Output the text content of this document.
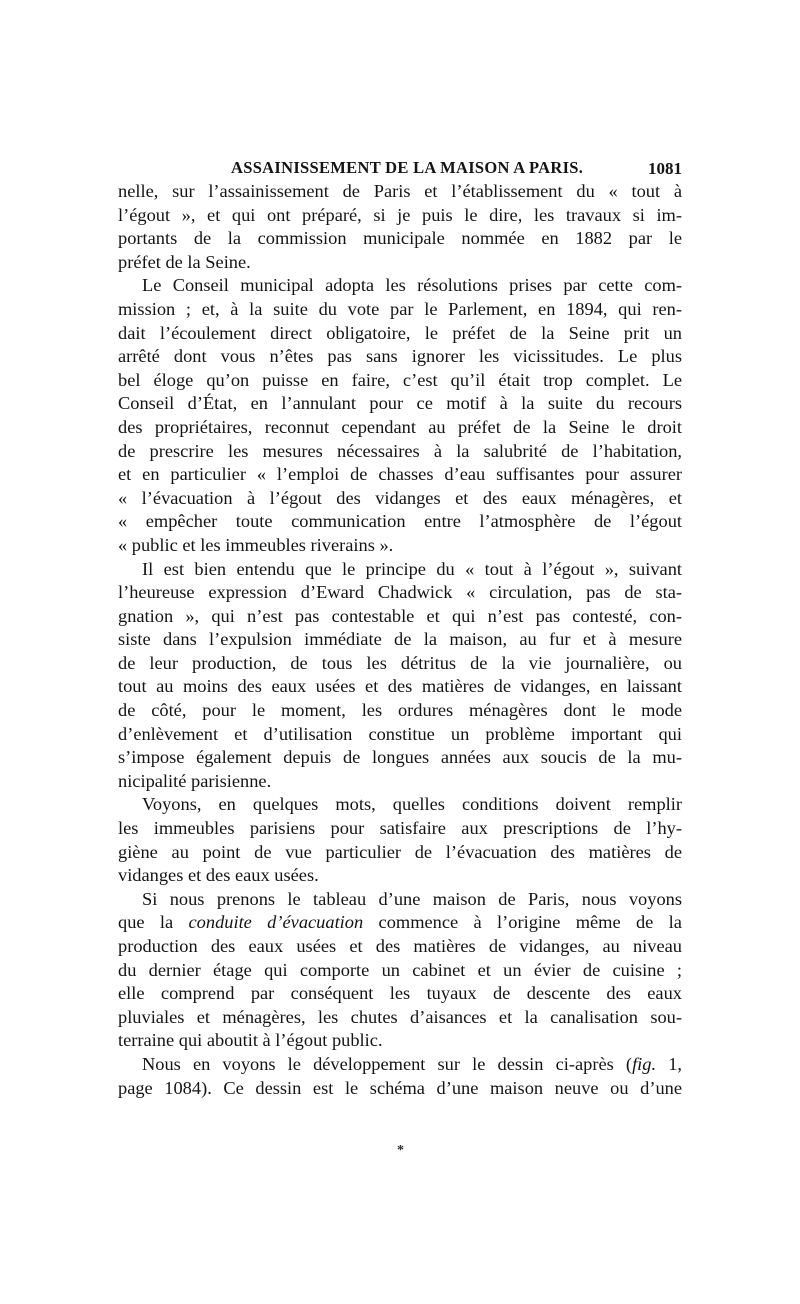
ASSAINISSEMENT DE LA MAISON A PARIS.	1081
nelle, sur l’assainissement de Paris et l’établissement du « tout à
l’égout », et qui ont préparé, si je puis le dire, les travaux si im-
portants de la commission municipale nommée en 1882 par le
préfet de la Seine.
Le Conseil municipal adopta les résolutions prises par cette com-
mission ; et, à la suite du vote par le Parlement, en 1894, qui ren-
dait l’écoulement direct obligatoire, le préfet de la Seine prit un
arrêté dont vous n’êtes pas sans ignorer les vicissitudes. Le plus
bel éloge qu’on puisse en faire, c’est qu’il était trop complet. Le
Conseil d’État, en l’annulant pour ce motif à la suite du recours
des propriétaires, reconnut cependant au préfet de la Seine le droit
de prescrire les mesures nécessaires à la salubrité de l’habitation,
et en particulier « l’emploi de chasses d’eau suffisantes pour assurer
« l’évacuation à l’égout des vidanges et des eaux ménagères, et
« empêcher toute communication entre l’atmosphère de l’égout
« public et les immeubles riverains ».
Il est bien entendu que le principe du « tout à l’égout », suivant
l’heureuse expression d’Eward Chadwick « circulation, pas de sta-
gnation », qui n’est pas contestable et qui n’est pas contesté, con-
siste dans l’expulsion immédiate de la maison, au fur et à mesure
de leur production, de tous les détritus de la vie journalière, ou
tout au moins des eaux usées et des matières de vidanges, en laissant
de côté, pour le moment, les ordures ménagères dont le mode
d’enlèvement et d’utilisation constitue un problème important qui
s’impose également depuis de longues années aux soucis de la mu-
nicipalité parisienne.
Voyons, en quelques mots, quelles conditions doivent remplir
les immeubles parisiens pour satisfaire aux prescriptions de l’hy-
giène au point de vue particulier de l’évacuation des matières de
vidanges et des eaux usées.
Si nous prenons le tableau d’une maison de Paris, nous voyons
que la conduite d’évacuation commence à l’origine même de la
production des eaux usées et des matières de vidanges, au niveau
du dernier étage qui comporte un cabinet et un évier de cuisine ;
elle comprend par conséquent les tuyaux de descente des eaux
pluviales et ménagères, les chutes d’aisances et la canalisation sou-
terraine qui aboutit à l’égout public.
Nous en voyons le développement sur le dessin ci-après (fig. 1,
page 1084). Ce dessin est le schéma d’une maison neuve ou d’une
*
